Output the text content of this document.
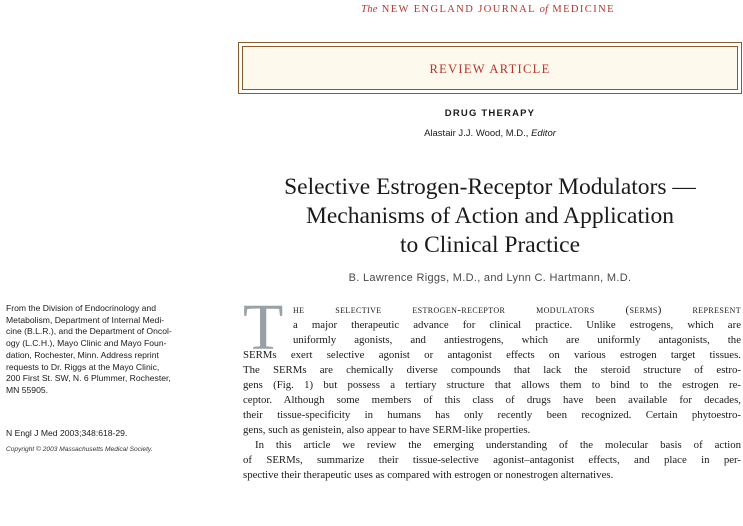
The NEW ENGLAND JOURNAL of MEDICINE
REVIEW ARTICLE
DRUG THERAPY
Alastair J.J. Wood, M.D., Editor
Selective Estrogen-Receptor Modulators —
Mechanisms of Action and Application
to Clinical Practice
B. Lawrence Riggs, M.D., and Lynn C. Hartmann, M.D.
From the Division of Endocrinology and
Metabolism, Department of Internal Medi-
cine (B.L.R.), and the Department of Oncol-
ogy (L.C.H.), Mayo Clinic and Mayo Foun-
dation, Rochester, Minn. Address reprint
requests to Dr. Riggs at the Mayo Clinic,
200 First St. SW, N. 6 Plummer, Rochester,
MN 55905.
N Engl J Med 2003;348:618-29.
Copyright © 2003 Massachusetts Medical Society.
T he selective estrogen-receptor modulators (serms) represent
a major therapeutic advance for clinical practice. Unlike estrogens, which are
uniformly agonists, and antiestrogens, which are uniformly antagonists, the
SERMs exert selective agonist or antagonist effects on various estrogen target tissues.
The SERMs are chemically diverse compounds that lack the steroid structure of estro-
gens (Fig. 1) but possess a tertiary structure that allows them to bind to the estrogen re-
ceptor. Although some members of this class of drugs have been available for decades,
their tissue-specificity in humans has only recently been recognized. Certain phytoestro-
gens, such as genistein, also appear to have SERM-like properties.
In this article we review the emerging understanding of the molecular basis of action
of SERMs, summarize their tissue-selective agonist–antagonist effects, and place in per-
spective their therapeutic uses as compared with estrogen or nonestrogen alternatives.
